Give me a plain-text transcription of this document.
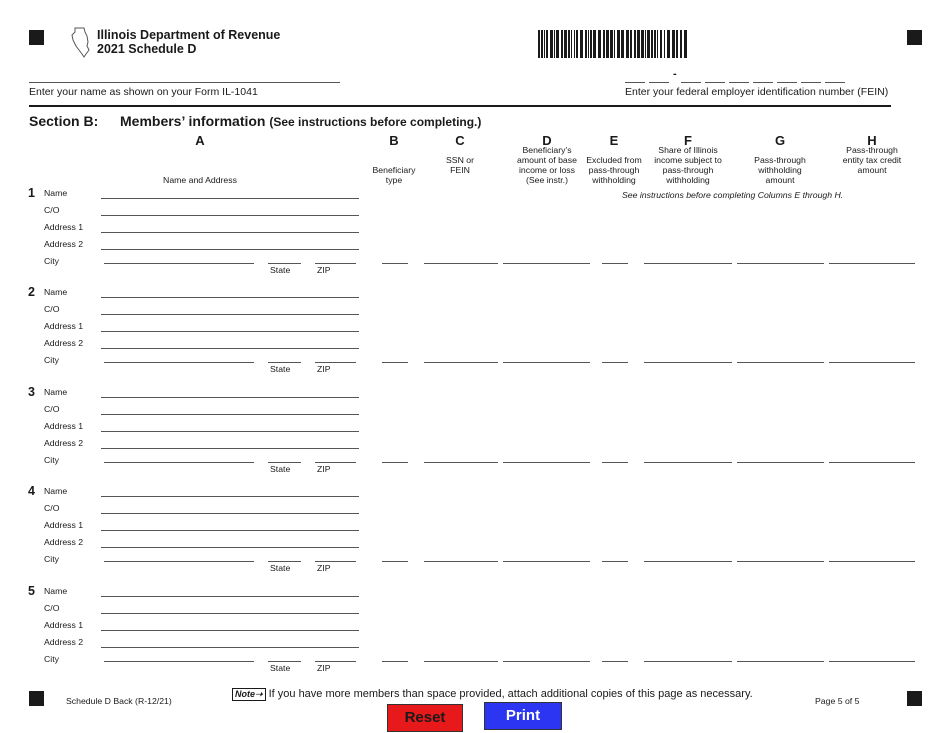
Illinois Department of Revenue
2021 Schedule D
Enter your name as shown on your Form IL-1041
-
Enter your federal employer identification number (FEIN)
Section B: Members’ information (See instructions before completing.)
A
Name and Address
B
Beneficiary type
C
SSN or FEIN
D
Beneficiary’s amount of base income or loss (See instr.)
E
Excluded from pass-through withholding
F
Share of Illinois income subject to pass-through withholding
G
Pass-through withholding amount
H
Pass-through entity tax credit amount
See instructions before completing Columns E through H.
1 Name
C/O
Address 1
Address 2
City
State	ZIP
2 Name
C/O
Address 1
Address 2
City
State	ZIP
3 Name
C/O
Address 1
Address 2
City
State	ZIP
4 Name
C/O
Address 1
Address 2
City
State	ZIP
5 Name
C/O
Address 1
Address 2
City
State	ZIP
Schedule D Back (R-12/21)
Note➝ If you have more members than space provided, attach additional copies of this page as necessary.
Page 5 of 5
Reset	Print
